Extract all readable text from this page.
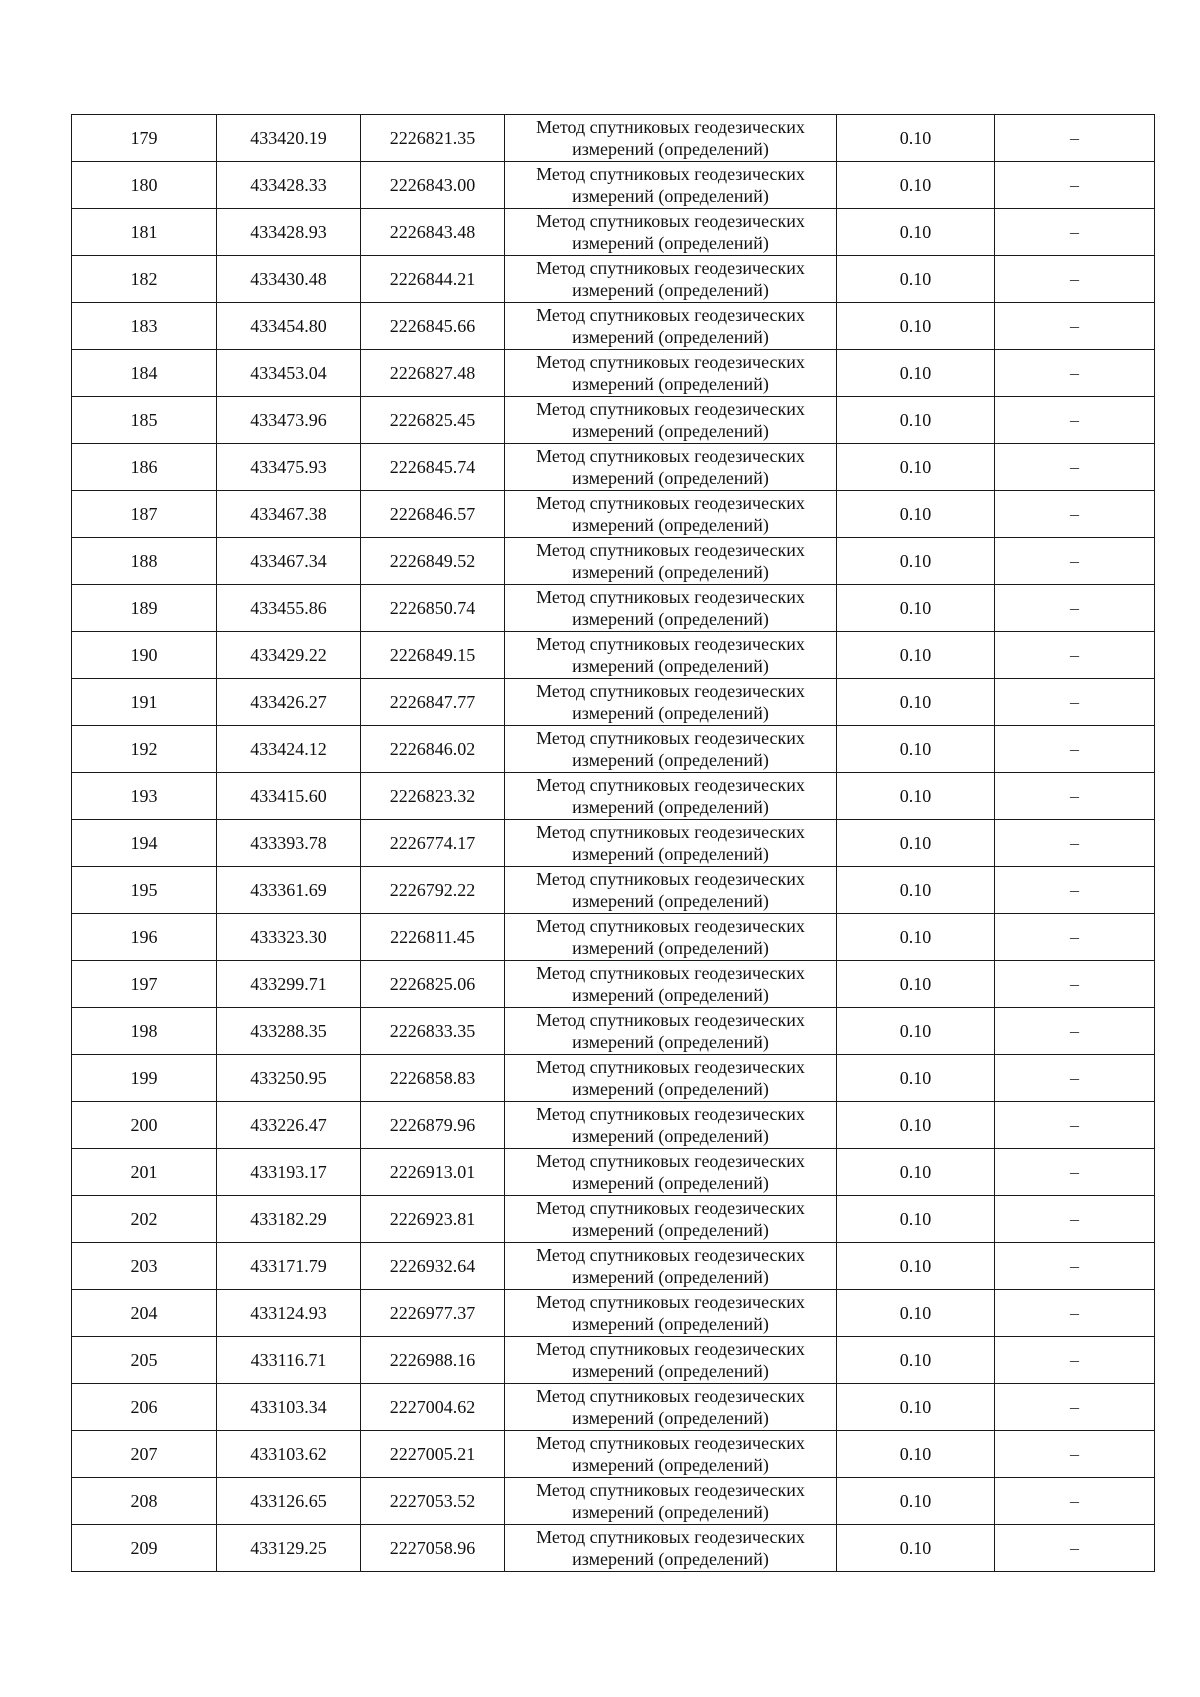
179	433420.19	2226821.35	Метод спутниковых геодезических измерений (определений)	0.10	–
180	433428.33	2226843.00	Метод спутниковых геодезических измерений (определений)	0.10	–
181	433428.93	2226843.48	Метод спутниковых геодезических измерений (определений)	0.10	–
182	433430.48	2226844.21	Метод спутниковых геодезических измерений (определений)	0.10	–
183	433454.80	2226845.66	Метод спутниковых геодезических измерений (определений)	0.10	–
184	433453.04	2226827.48	Метод спутниковых геодезических измерений (определений)	0.10	–
185	433473.96	2226825.45	Метод спутниковых геодезических измерений (определений)	0.10	–
186	433475.93	2226845.74	Метод спутниковых геодезических измерений (определений)	0.10	–
187	433467.38	2226846.57	Метод спутниковых геодезических измерений (определений)	0.10	–
188	433467.34	2226849.52	Метод спутниковых геодезических измерений (определений)	0.10	–
189	433455.86	2226850.74	Метод спутниковых геодезических измерений (определений)	0.10	–
190	433429.22	2226849.15	Метод спутниковых геодезических измерений (определений)	0.10	–
191	433426.27	2226847.77	Метод спутниковых геодезических измерений (определений)	0.10	–
192	433424.12	2226846.02	Метод спутниковых геодезических измерений (определений)	0.10	–
193	433415.60	2226823.32	Метод спутниковых геодезических измерений (определений)	0.10	–
194	433393.78	2226774.17	Метод спутниковых геодезических измерений (определений)	0.10	–
195	433361.69	2226792.22	Метод спутниковых геодезических измерений (определений)	0.10	–
196	433323.30	2226811.45	Метод спутниковых геодезических измерений (определений)	0.10	–
197	433299.71	2226825.06	Метод спутниковых геодезических измерений (определений)	0.10	–
198	433288.35	2226833.35	Метод спутниковых геодезических измерений (определений)	0.10	–
199	433250.95	2226858.83	Метод спутниковых геодезических измерений (определений)	0.10	–
200	433226.47	2226879.96	Метод спутниковых геодезических измерений (определений)	0.10	–
201	433193.17	2226913.01	Метод спутниковых геодезических измерений (определений)	0.10	–
202	433182.29	2226923.81	Метод спутниковых геодезических измерений (определений)	0.10	–
203	433171.79	2226932.64	Метод спутниковых геодезических измерений (определений)	0.10	–
204	433124.93	2226977.37	Метод спутниковых геодезических измерений (определений)	0.10	–
205	433116.71	2226988.16	Метод спутниковых геодезических измерений (определений)	0.10	–
206	433103.34	2227004.62	Метод спутниковых геодезических измерений (определений)	0.10	–
207	433103.62	2227005.21	Метод спутниковых геодезических измерений (определений)	0.10	–
208	433126.65	2227053.52	Метод спутниковых геодезических измерений (определений)	0.10	–
209	433129.25	2227058.96	Метод спутниковых геодезических измерений (определений)	0.10	–
